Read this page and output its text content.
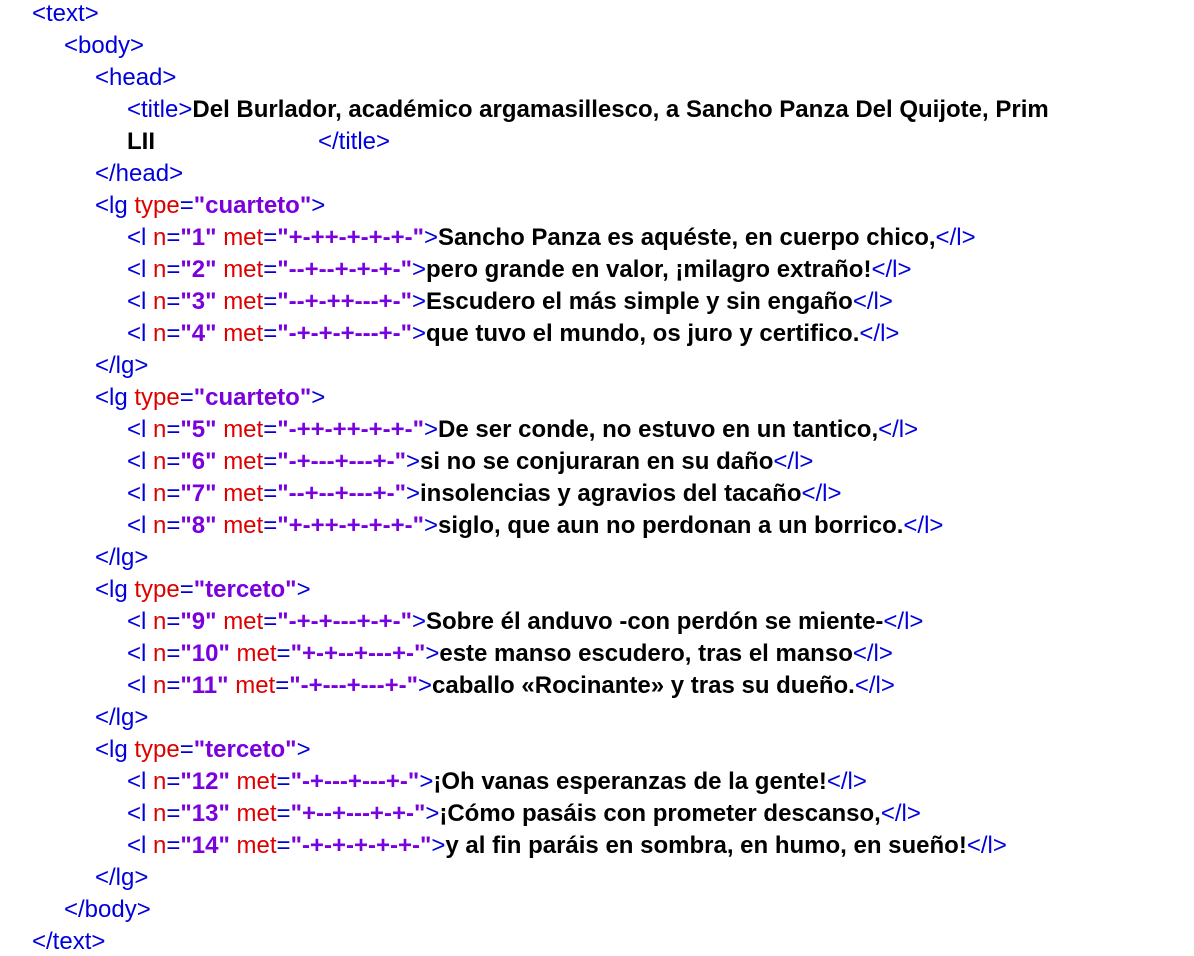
<text>
<body>
<head>
<title>Del Burlador, académico argamasillesco, a Sancho Panza Del Quijote, Prim
LII	</title>
</head>
<lg type="cuarteto">
<l n="1" met="+-++-+-+-+-">Sancho Panza es aquéste, en cuerpo chico,</l>
<l n="2" met="--+--+-+-+-">pero grande en valor, ¡milagro extraño!</l>
<l n="3" met="--+-++---+-">Escudero el más simple y sin engaño</l>
<l n="4" met="-+-+-+---+-">que tuvo el mundo, os juro y certifico.</l>
</lg>
<lg type="cuarteto">
<l n="5" met="-++-++-+-+-">De ser conde, no estuvo en un tantico,</l>
<l n="6" met="-+---+---+-">si no se conjuraran en su daño</l>
<l n="7" met="--+--+---+-">insolencias y agravios del tacaño</l>
<l n="8" met="+-++-+-+-+-">siglo, que aun no perdonan a un borrico.</l>
</lg>
<lg type="terceto">
<l n="9" met="-+-+---+-+-">Sobre él anduvo -con perdón se miente-</l>
<l n="10" met="+-+--+---+-">este manso escudero, tras el manso</l>
<l n="11" met="-+---+---+-">caballo «Rocinante» y tras su dueño.</l>
</lg>
<lg type="terceto">
<l n="12" met="-+---+---+-">¡Oh vanas esperanzas de la gente!</l>
<l n="13" met="+--+---+-+-">¡Cómo pasáis con prometer descanso,</l>
<l n="14" met="-+-+-+-+-+-">y al fin paráis en sombra, en humo, en sueño!</l>
</lg>
</body>
</text>
